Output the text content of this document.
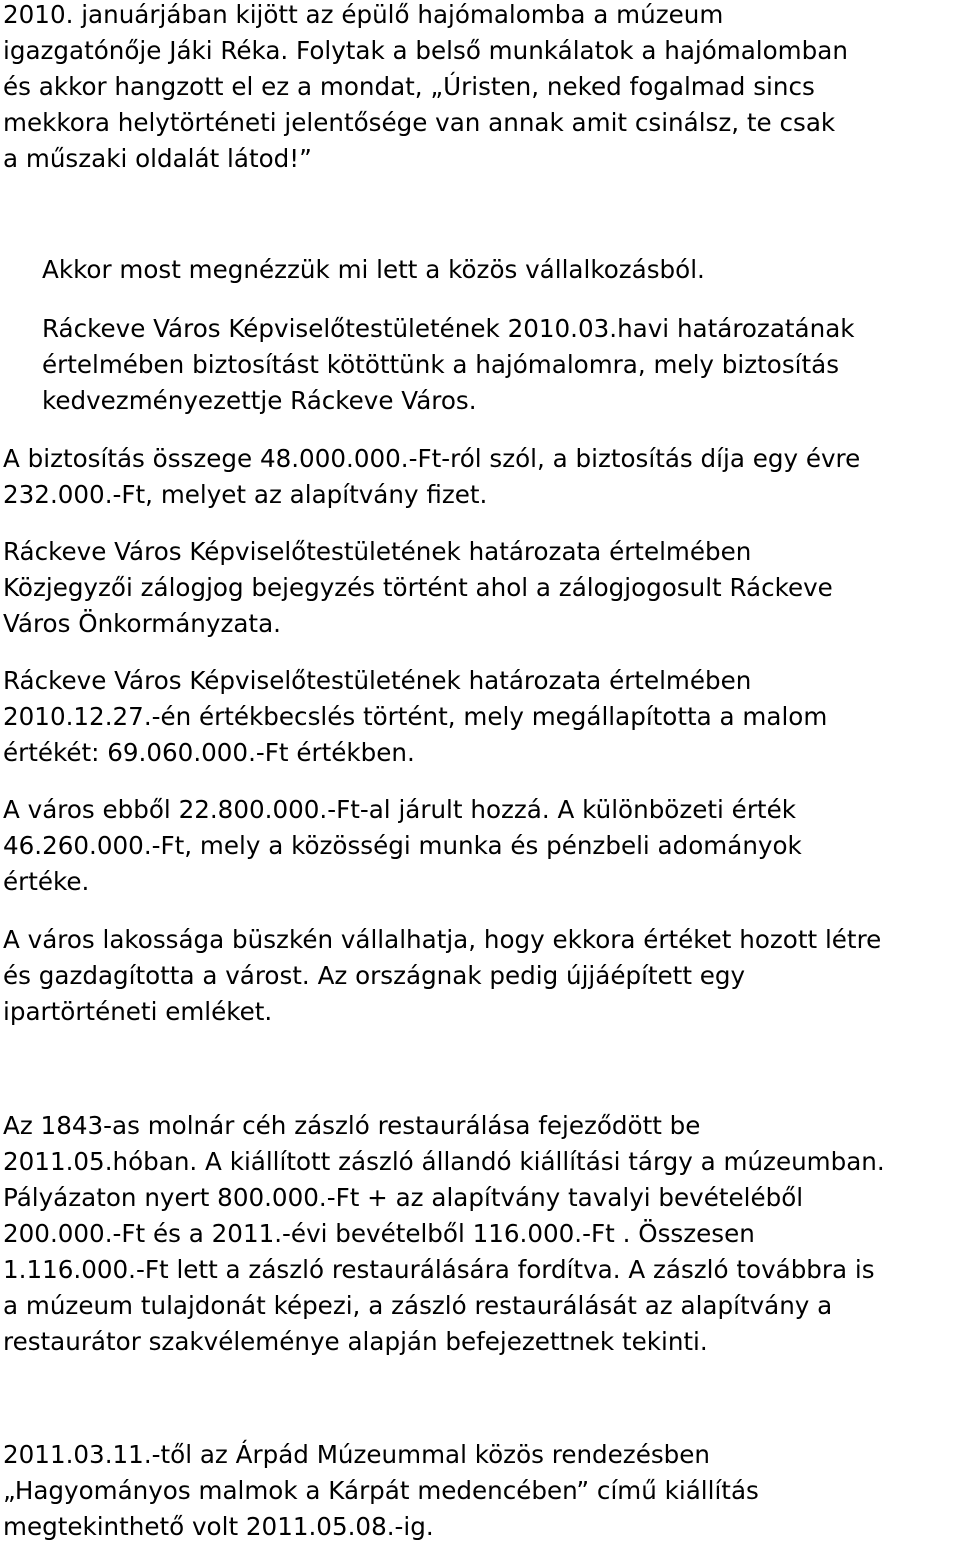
2010. januárjában kijött az épülő hajómalomba a múzeum
igazgatónője Jáki Réka. Folytak a belső munkálatok a hajómalomban
és akkor hangzott el ez a mondat, „Úristen, neked fogalmad sincs
mekkora helytörténeti jelentősége van annak amit csinálsz, te csak
a műszaki oldalát látod!”

Akkor most megnézzük mi lett a közös vállalkozásból.

Ráckeve Város Képviselőtestületének 2010.03.havi határozatának
értelmében biztosítást kötöttünk a hajómalomra, mely biztosítás
kedvezményezettje Ráckeve Város.

A biztosítás összege 48.000.000.-Ft-ról szól, a biztosítás díja egy évre
232.000.-Ft, melyet az alapítvány fizet.

Ráckeve Város Képviselőtestületének határozata értelmében
Közjegyzői zálogjog bejegyzés történt ahol a zálogjogosult Ráckeve
Város Önkormányzata.

Ráckeve Város Képviselőtestületének határozata értelmében
2010.12.27.-én értékbecslés történt, mely megállapította a malom
értékét: 69.060.000.-Ft értékben.

A város ebből 22.800.000.-Ft-al járult hozzá. A különbözeti érték
46.260.000.-Ft, mely a közösségi munka és pénzbeli adományok
értéke.

A város lakossága büszkén vállalhatja, hogy ekkora értéket hozott létre
és gazdagította a várost. Az országnak pedig újjáépített egy
ipartörténeti emléket.

Az 1843-as molnár céh zászló restaurálása fejeződött be
2011.05.hóban. A kiállított zászló állandó kiállítási tárgy a múzeumban.
Pályázaton nyert 800.000.-Ft + az alapítvány tavalyi bevételéből
200.000.-Ft és a 2011.-évi bevételből 116.000.-Ft . Összesen
1.116.000.-Ft lett a zászló restaurálására fordítva. A zászló továbbra is
a múzeum tulajdonát képezi, a zászló restaurálását az alapítvány a
restaurátor szakvéleménye alapján befejezettnek tekinti.

2011.03.11.-től az Árpád Múzeummal közös rendezésben
„Hagyományos malmok a Kárpát medencében” című kiállítás
megtekinthető volt 2011.05.08.-ig.
